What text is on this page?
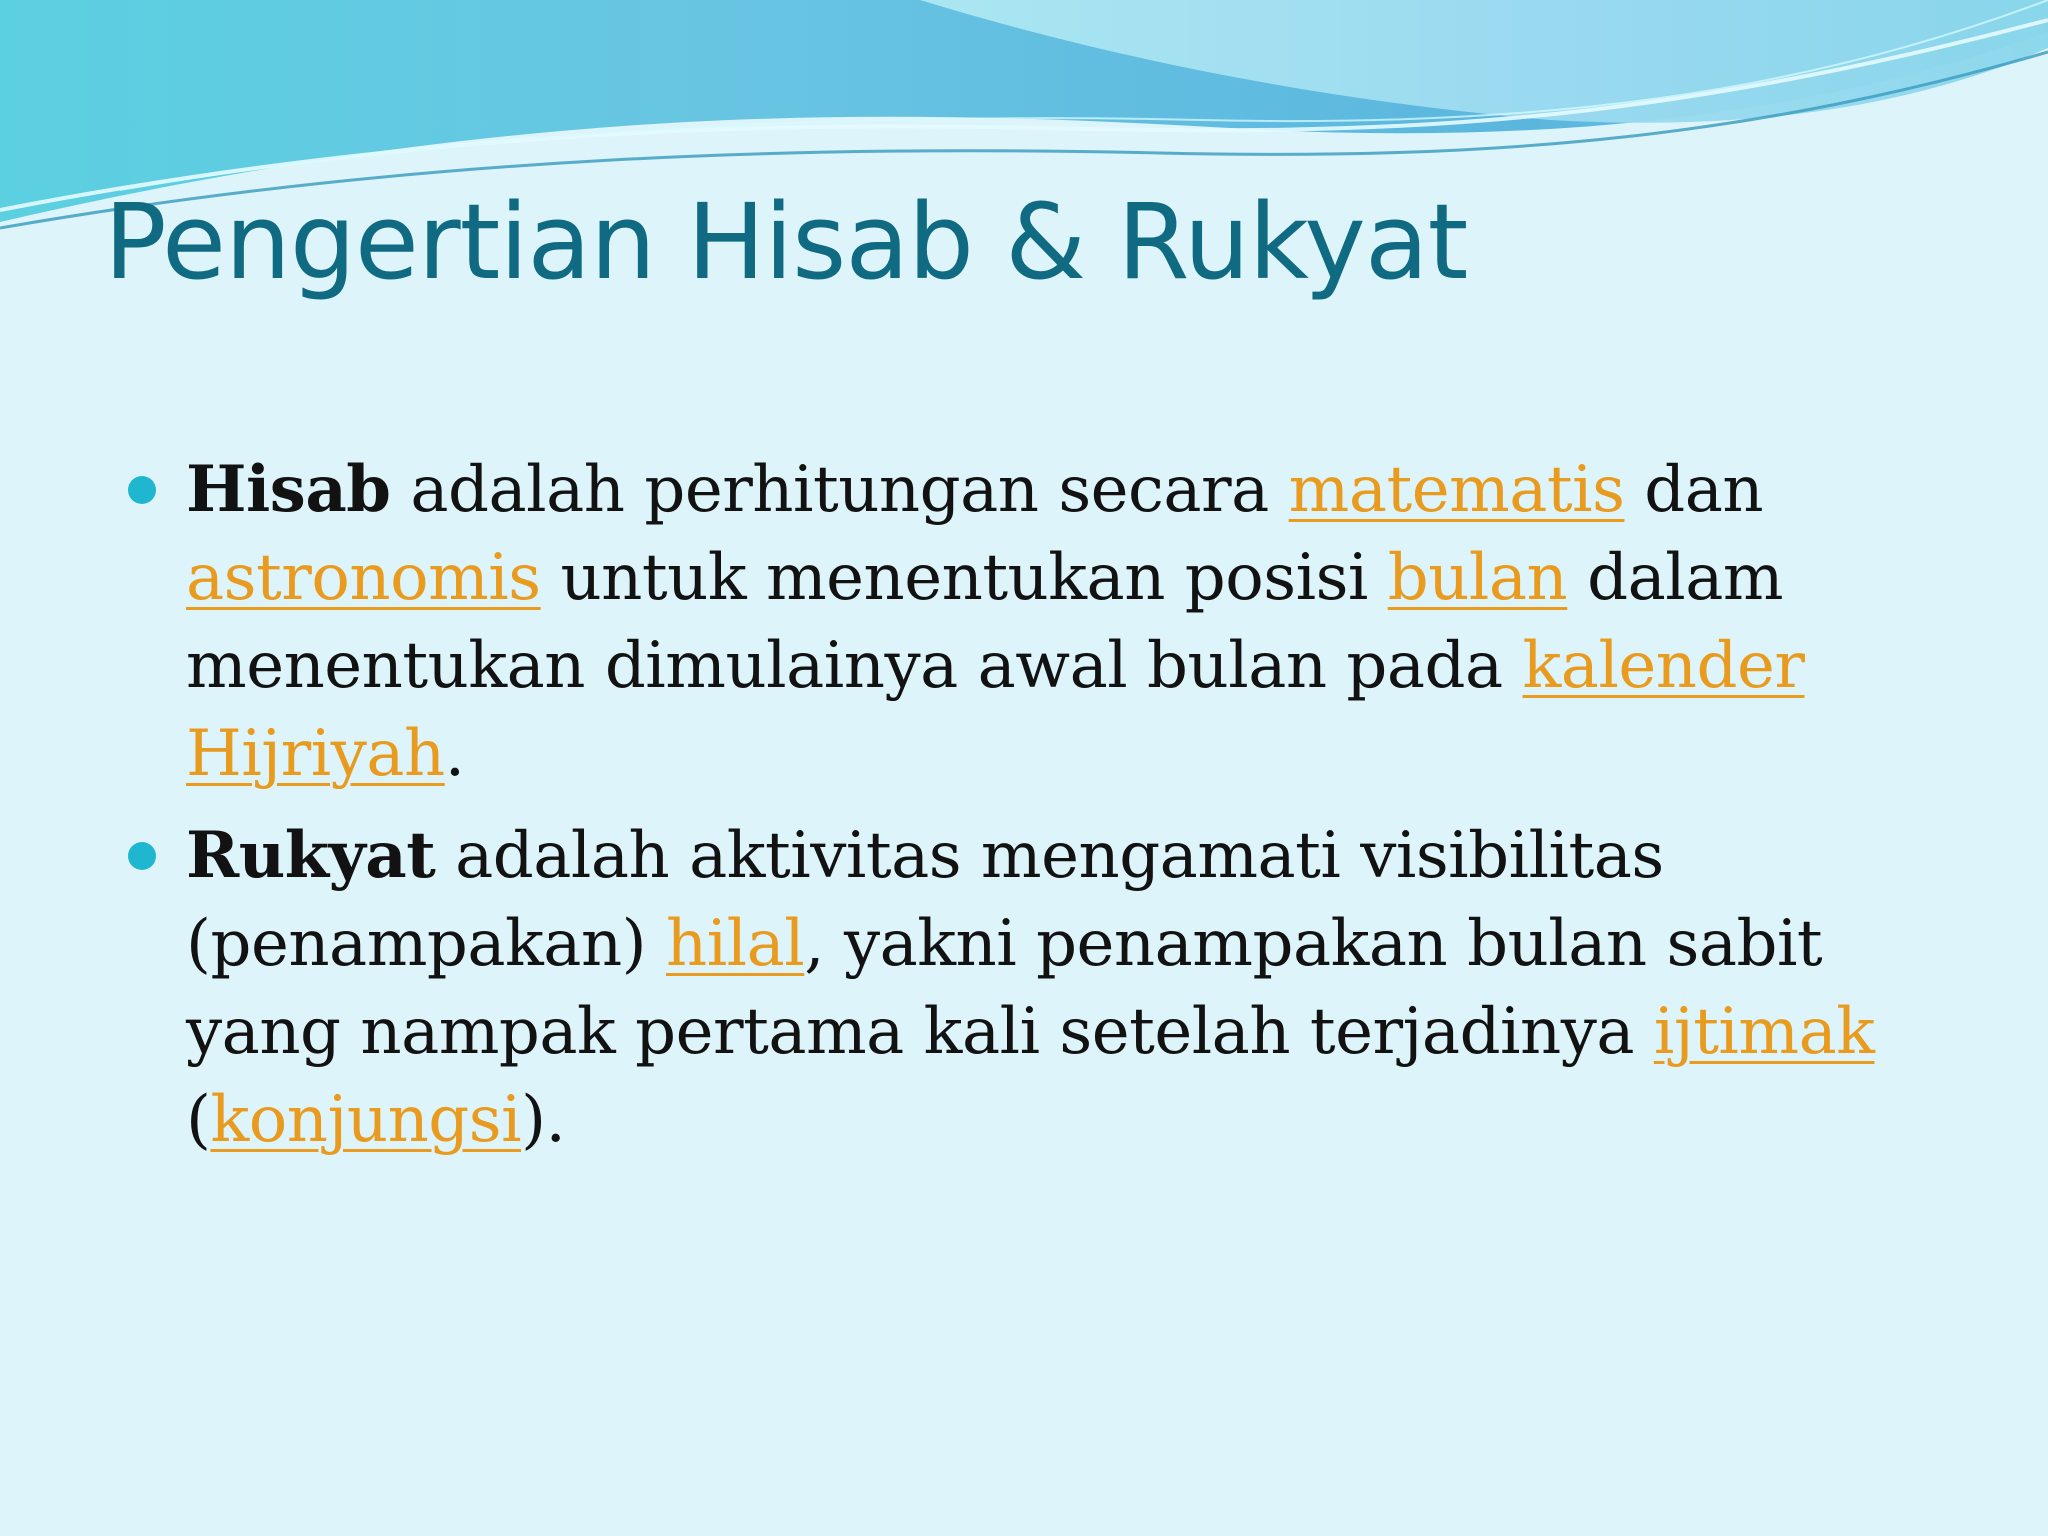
Pengertian Hisab & Rukyat
Hisab adalah perhitungan secara matematis dan astronomis untuk menentukan posisi bulan dalam menentukan dimulainya awal bulan pada kalender Hijriyah.
Rukyat adalah aktivitas mengamati visibilitas (penampakan) hilal, yakni penampakan bulan sabit yang nampak pertama kali setelah terjadinya ijtimak (konjungsi).
